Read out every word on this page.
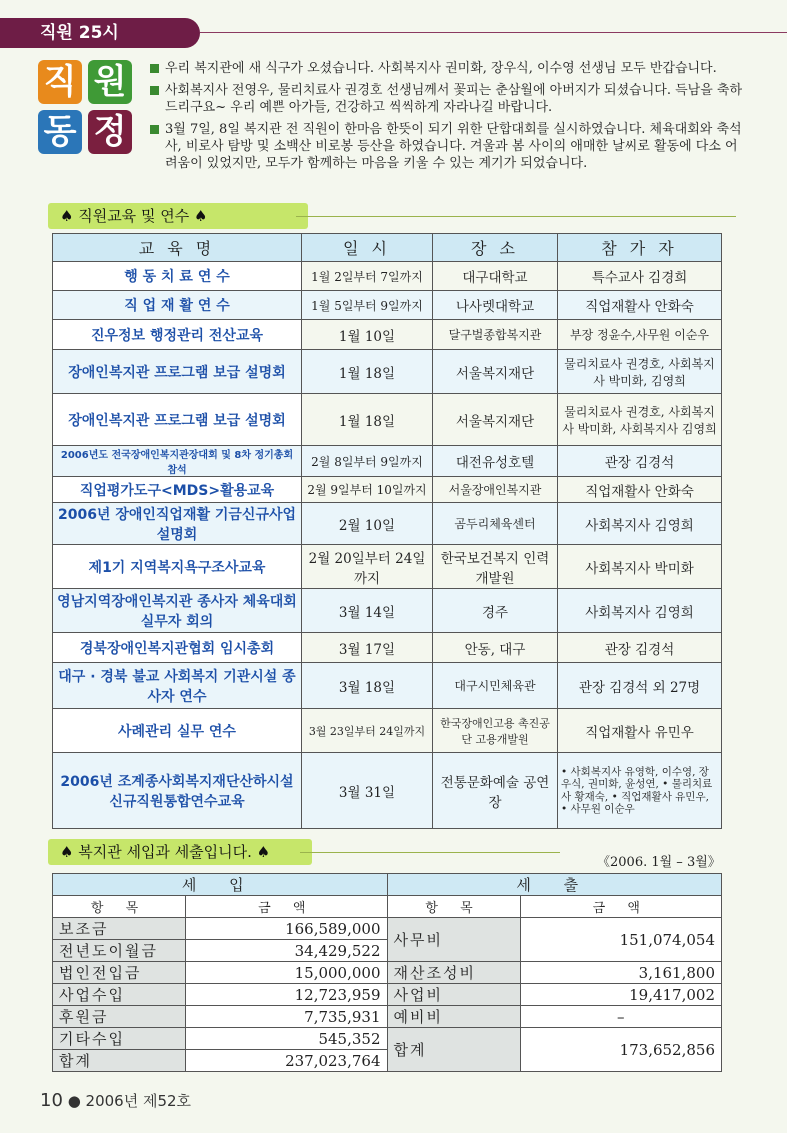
직원 25시
직 원
동 정
우리 복지관에 새 식구가 오셨습니다. 사회복지사 권미화, 장우식, 이수영 선생님 모두 반갑습니다.
사회복지사 전영우, 물리치료사 권경호 선생님께서 꽃피는 춘삼월에 아버지가 되셨습니다. 득남을 축하드리구요~ 우리 예쁜 아가들, 건강하고 씩씩하게 자라나길 바랍니다.
3월 7일, 8일 복지관 전 직원이 한마음 한뜻이 되기 위한 단합대회를 실시하였습니다. 체육대회와 축석사, 비로사 탐방 및 소백산 비로봉 등산을 하였습니다. 겨울과 봄 사이의 애매한 날씨로 활동에 다소 어려움이 있었지만, 모두가 함께하는 마음을 키울 수 있는 계기가 되었습니다.
♠ 직원교육 및 연수 ♠
교 육 명	일 시	장 소	참 가 자
행 동 치 료 연 수	1월 2일부터 7일까지	대구대학교	특수교사 김경희
직 업 재 활 연 수	1월 5일부터 9일까지	나사렛대학교	직업재활사 안화숙
진우정보 행정관리 전산교육	1월 10일	달구벌종합복지관	부장 정윤수,사무원 이순우
장애인복지관 프로그램 보급 설명회	1월 18일	서울복지재단	물리치료사 권경호, 사회복지사 박미화, 김영희
장애인복지관 프로그램 보급 설명회	1월 18일	서울복지재단	물리치료사 권경호, 사회복지사 박미화, 사회복지사 김영희
2006년도 전국장애인복지관장대회 및 8차 정기총회 참석	2월 8일부터 9일까지	대전유성호텔	관장 김경석
직업평가도구<MDS>활용교육	2월 9일부터 10일까지	서울장애인복지관	직업재활사 안화숙
2006년 장애인직업재활 기금신규사업 설명회	2월 10일	곰두리체육센터	사회복지사 김영희
제1기 지역복지욕구조사교육	2월 20일부터 24일까지	한국보건복지 인력개발원	사회복지사 박미화
영남지역장애인복지관 종사자 체육대회 실무자 회의	3월 14일	경주	사회복지사 김영희
경북장애인복지관협회 임시총회	3월 17일	안동, 대구	관장 김경석
대구 · 경북 불교 사회복지 기관시설 종사자 연수	3월 18일	대구시민체육관	관장 김경석 외 27명
사례관리 실무 연수	3월 23일부터 24일까지	한국장애인고용 촉진공단 고용개발원	직업재활사 유민우
2006년 조계종사회복지재단산하시설 신규직원통합연수교육	3월 31일	전통문화예술 공연장	• 사회복지사 유영학, 이수영, 장우식, 권미화, 윤성연, • 물리치료사 황재숙, • 직업재활사 유민우, • 사무원 이순우
♠ 복지관 세입과 세출입니다. ♠
《2006. 1월 – 3월》
세 입		세 출	
항 목	금 액	항 목	금 액
보조금	166,589,000	사무비	151,074,054
전년도이월금	34,429,522		
법인전입금	15,000,000	재산조성비	3,161,800
사업수입	12,723,959	사업비	19,417,002
후원금	7,735,931	예비비	–
기타수입	545,352	합계	173,652,856
합계	237,023,764		
10 ● 2006년 제52호
